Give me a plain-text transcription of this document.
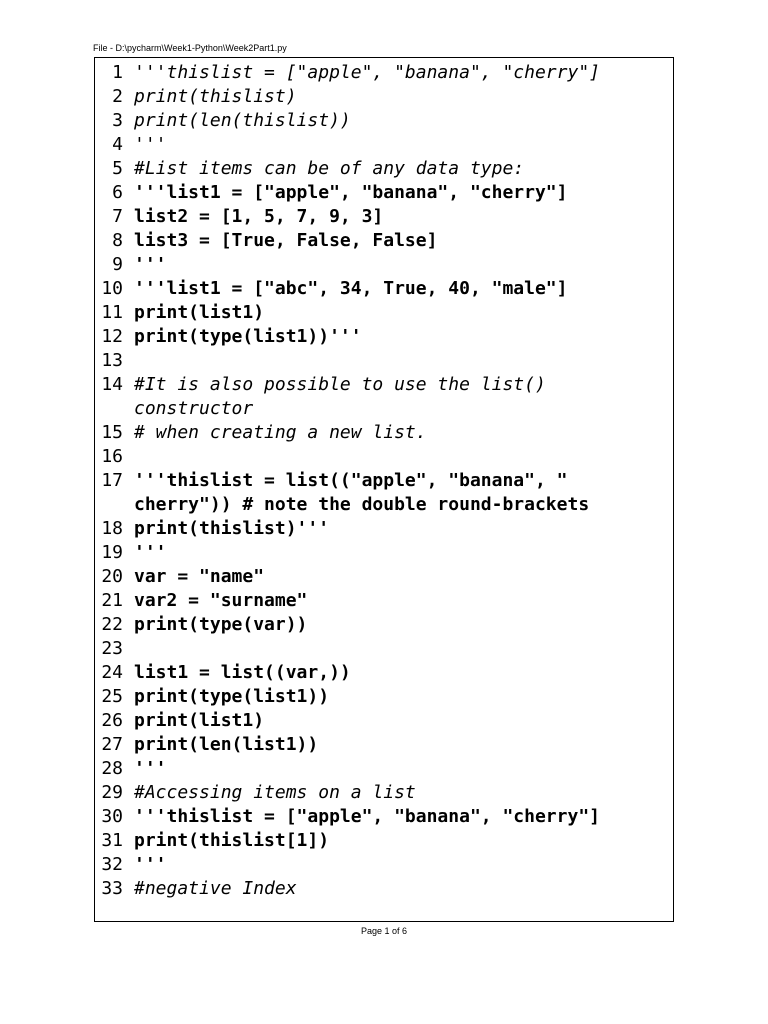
File - D:\pycharm\Week1-Python\Week2Part1.py
1 '''thislist = ["apple", "banana", "cherry"]
2 print(thislist)
3 print(len(thislist))
4 '''
5 #List items can be of any data type:
6 '''list1 = ["apple", "banana", "cherry"]
7 list2 = [1, 5, 7, 9, 3]
8 list3 = [True, False, False]
9 '''
10 '''list1 = ["abc", 34, True, 40, "male"]
11 print(list1)
12 print(type(list1))'''
13
14 #It is also possible to use the list() constructor
15 # when creating a new list.
16
17 '''thislist = list(("apple", "banana", " cherry")) # note the double round-brackets
18 print(thislist)'''
19 '''
20 var = "name"
21 var2 = "surname"
22 print(type(var))
23
24 list1 = list((var,))
25 print(type(list1))
26 print(list1)
27 print(len(list1))
28 '''
29 #Accessing items on a list
30 '''thislist = ["apple", "banana", "cherry"]
31 print(thislist[1])
32 '''
33 #negative Index
Page 1 of 6
